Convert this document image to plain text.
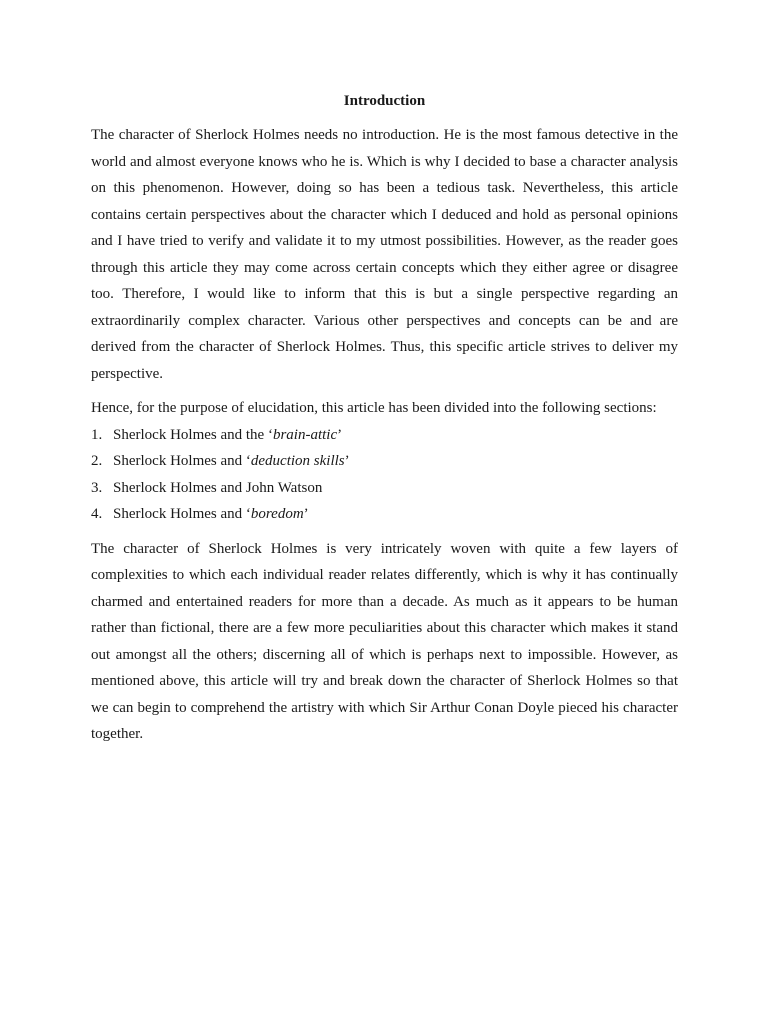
Introduction

The character of Sherlock Holmes needs no introduction. He is the most famous detective in the world and almost everyone knows who he is. Which is why I decided to base a character analysis on this phenomenon. However, doing so has been a tedious task. Nevertheless, this article contains certain perspectives about the character which I deduced and hold as personal opinions and I have tried to verify and validate it to my utmost possibilities. However, as the reader goes through this article they may come across certain concepts which they either agree or disagree too. Therefore, I would like to inform that this is but a single perspective regarding an extraordinarily complex character. Various other perspectives and concepts can be and are derived from the character of Sherlock Holmes. Thus, this specific article strives to deliver my perspective.

Hence, for the purpose of elucidation, this article has been divided into the following sections:

1. Sherlock Holmes and the ‘brain-attic’
2. Sherlock Holmes and ‘deduction skills’
3. Sherlock Holmes and John Watson
4. Sherlock Holmes and ‘boredom’

The character of Sherlock Holmes is very intricately woven with quite a few layers of complexities to which each individual reader relates differently, which is why it has continually charmed and entertained readers for more than a decade. As much as it appears to be human rather than fictional, there are a few more peculiarities about this character which makes it stand out amongst all the others; discerning all of which is perhaps next to impossible. However, as mentioned above, this article will try and break down the character of Sherlock Holmes so that we can begin to comprehend the artistry with which Sir Arthur Conan Doyle pieced his character together.
